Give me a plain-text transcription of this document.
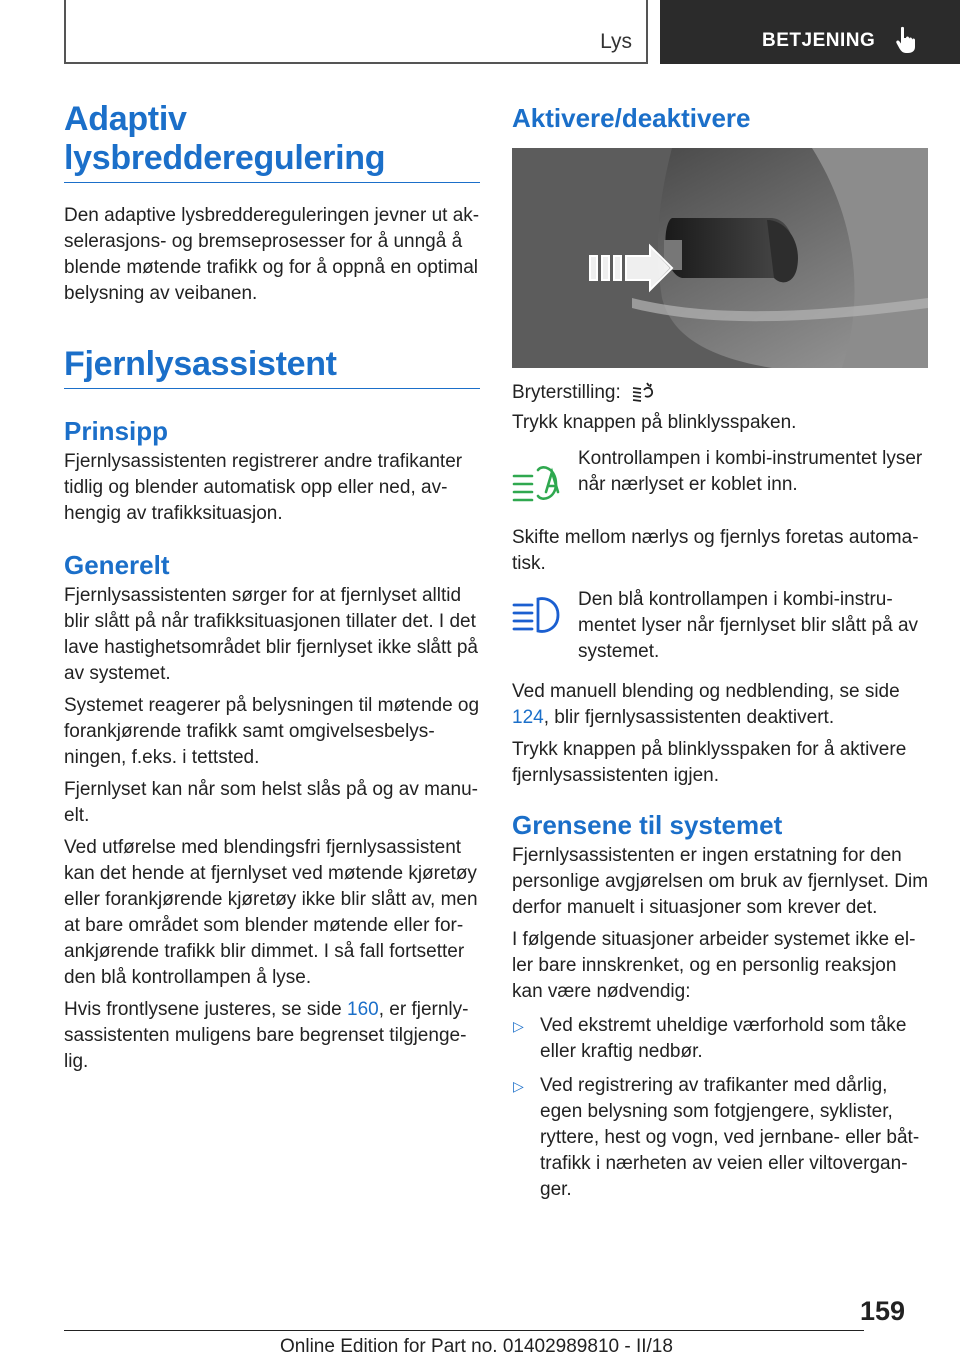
Lys	BETJENING
Adaptiv lysbredderegulering
Den adaptive lysbreddereguleringen jevner ut akselerasjons- og bremseprosesser for å unngå å blende møtende trafikk og for å oppnå en optimal belysning av veibanen.
Fjernlysassistent
Prinsipp
Fjernlysassistenten registrerer andre trafikanter tidlig og blender automatisk opp eller ned, avhengig av trafikksituasjon.
Generelt
Fjernlysassistenten sørger for at fjernlyset alltid blir slått på når trafikksituasjonen tillater det. I det lave hastighetsområdet blir fjernlyset ikke slått på av systemet.
Systemet reagerer på belysningen til møtende og forankjørende trafikk samt omgivelsesbelysningen, f.eks. i tettsted.
Fjernlyset kan når som helst slås på og av manuelt.
Ved utførelse med blendingsfri fjernlysassistent kan det hende at fjernlyset ved møtende kjøretøy eller forankjørende kjøretøy ikke blir slått av, men at bare området som blender møtende eller forankjørende trafikk blir dimmet. I så fall fortsetter den blå kontrollampen å lyse.
Hvis frontlysene justeres, se side 160, er fjernlysassistenten muligens bare begrenset tilgjengelig.
Aktivere/deaktivere
Bryterstilling:
Trykk knappen på blinklysspaken.
Kontrollampen i kombi-instrumentet lyser når nærlyset er koblet inn.
Skifte mellom nærlys og fjernlys foretas automatisk.
Den blå kontrollampen i kombi-instrumentet lyser når fjernlyset blir slått på av systemet.
Ved manuell blending og nedblending, se side 124, blir fjernlysassistenten deaktivert.
Trykk knappen på blinklysspaken for å aktivere fjernlysassistenten igjen.
Grensene til systemet
Fjernlysassistenten er ingen erstatning for den personlige avgjørelsen om bruk av fjernlyset. Dim derfor manuelt i situasjoner som krever det.
I følgende situasjoner arbeider systemet ikke eller bare innskrenket, og en personlig reaksjon kan være nødvendig:
▷ Ved ekstremt uheldige værforhold som tåke eller kraftig nedbør.
▷ Ved registrering av trafikanter med dårlig, egen belysning som fotgjengere, syklister, ryttere, hest og vogn, ved jernbane- eller båttrafikk i nærheten av veien eller viltoverganger.
159
Online Edition for Part no. 01402989810 - II/18
